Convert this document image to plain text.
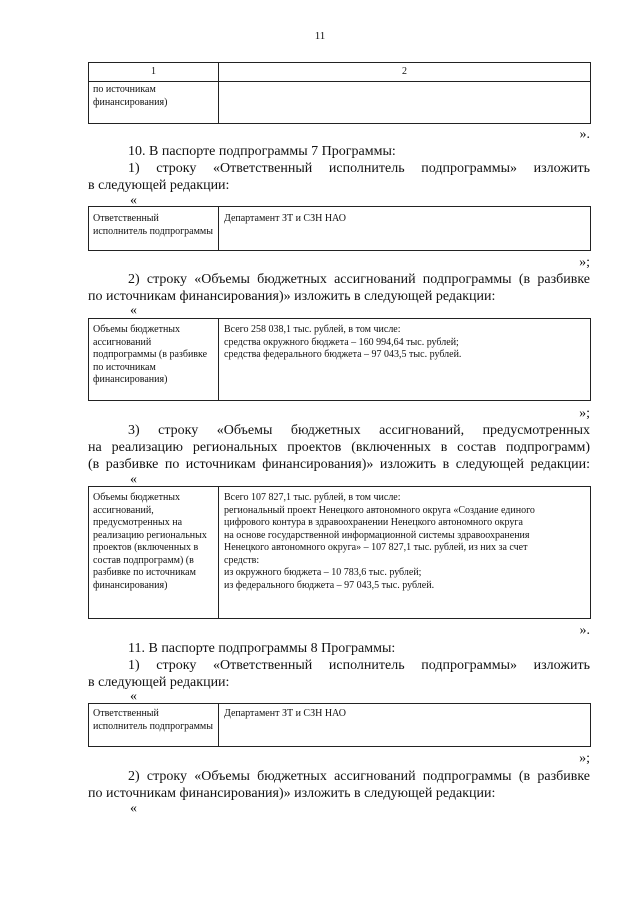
11
1
по источникам финансирования)
2
».
10. В паспорте подпрограммы 7 Программы:
1) строку «Ответственный исполнитель подпрограммы» изложить
в следующей редакции:
«
Ответственный исполнитель подпрограммы
Департамент ЗТ и СЗН НАО
»;
2) строку «Объемы бюджетных ассигнований подпрограммы (в разбивке
по источникам финансирования)» изложить в следующей редакции:
«
Объемы бюджетных ассигнований подпрограммы (в разбивке по источникам финансирования)
Всего 258 038,1 тыс. рублей, в том числе:
средства окружного бюджета – 160 994,64 тыс. рублей;
средства федерального бюджета – 97 043,5 тыс. рублей.
»;
3) строку «Объемы бюджетных ассигнований, предусмотренных
на реализацию региональных проектов (включенных в состав подпрограмм)
(в разбивке по источникам финансирования)» изложить в следующей редакции:
«
Объемы бюджетных ассигнований, предусмотренных на реализацию региональных проектов (включенных в состав подпрограмм) (в разбивке по источникам финансирования)
Всего 107 827,1 тыс. рублей, в том числе:
региональный проект Ненецкого автономного округа «Создание единого
цифрового контура в здравоохранении Ненецкого автономного округа
на основе государственной информационной системы здравоохранения
Ненецкого автономного округа» – 107 827,1 тыс. рублей, из них за счет
средств:
из окружного бюджета – 10 783,6 тыс. рублей;
из федерального бюджета – 97 043,5 тыс. рублей.
».
11. В паспорте подпрограммы 8 Программы:
1) строку «Ответственный исполнитель подпрограммы» изложить
в следующей редакции:
«
Ответственный исполнитель подпрограммы
Департамент ЗТ и СЗН НАО
»;
2) строку «Объемы бюджетных ассигнований подпрограммы (в разбивке
по источникам финансирования)» изложить в следующей редакции:
«
